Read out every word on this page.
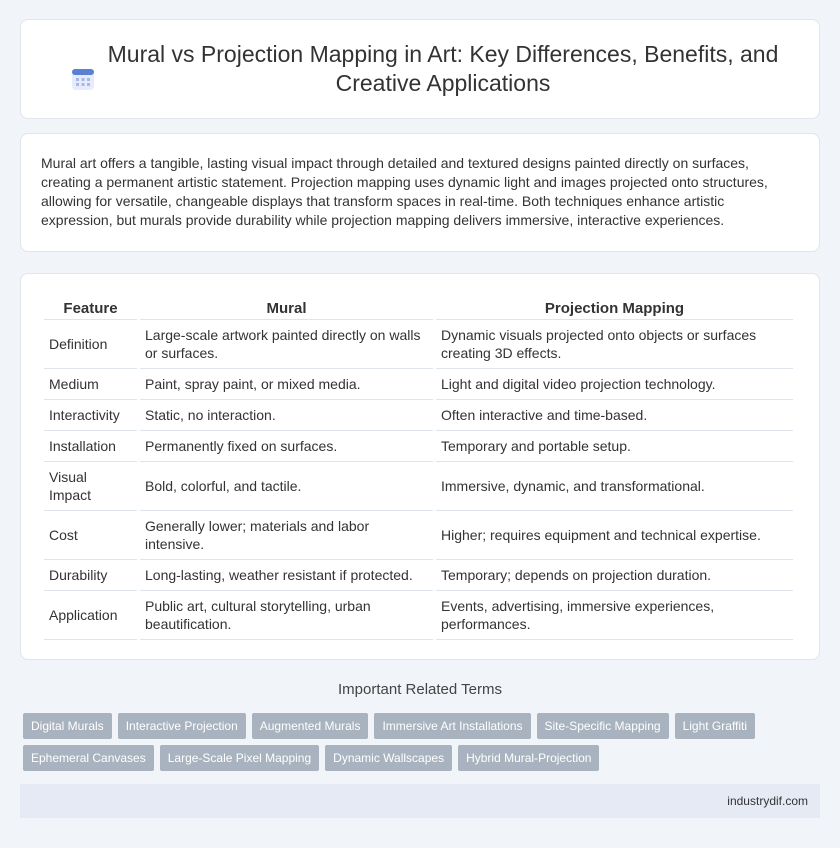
Mural vs Projection Mapping in Art: Key Differences, Benefits, and Creative Applications

Mural art offers a tangible, lasting visual impact through detailed and textured designs painted directly on surfaces, creating a permanent artistic statement. Projection mapping uses dynamic light and images projected onto structures, allowing for versatile, changeable displays that transform spaces in real-time. Both techniques enhance artistic expression, but murals provide durability while projection mapping delivers immersive, interactive experiences.

Feature	Mural	Projection Mapping
Definition	Large-scale artwork painted directly on walls or surfaces.	Dynamic visuals projected onto objects or surfaces creating 3D effects.
Medium	Paint, spray paint, or mixed media.	Light and digital video projection technology.
Interactivity	Static, no interaction.	Often interactive and time-based.
Installation	Permanently fixed on surfaces.	Temporary and portable setup.
Visual Impact	Bold, colorful, and tactile.	Immersive, dynamic, and transformational.
Cost	Generally lower; materials and labor intensive.	Higher; requires equipment and technical expertise.
Durability	Long-lasting, weather resistant if protected.	Temporary; depends on projection duration.
Application	Public art, cultural storytelling, urban beautification.	Events, advertising, immersive experiences, performances.
Important Related Terms
Digital Murals	Interactive Projection	Augmented Murals	Immersive Art Installations	Site-Specific Mapping	Light Graffiti
Ephemeral Canvases	Large-Scale Pixel Mapping	Dynamic Wallscapes	Hybrid Mural-Projection
industrydif.com
